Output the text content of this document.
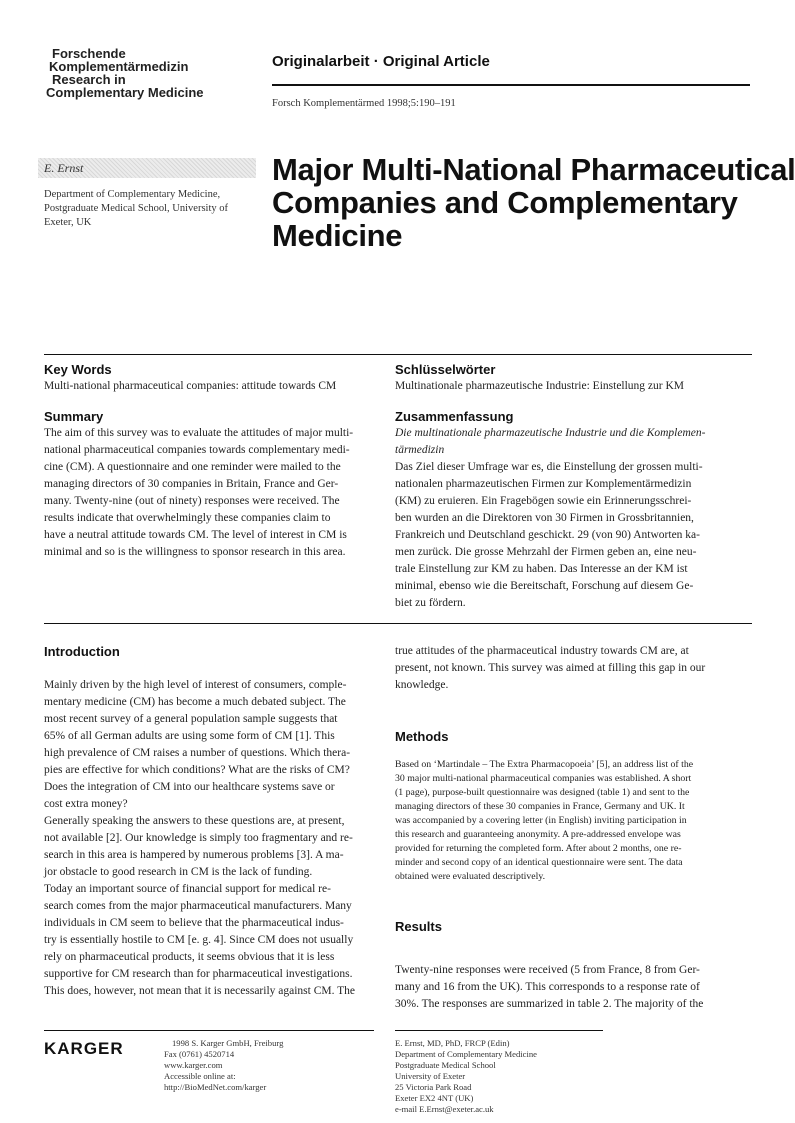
Forschende
Komplementärmedizin
Research in
Complementary Medicine
Originalarbeit · Original Article
Forsch Komplementärmed 1998;5:190–191
E. Ernst
Department of Complementary Medicine,
Postgraduate Medical School, University of
Exeter, UK
Major Multi-National Pharmaceutical
Companies and Complementary
Medicine
Key Words
Multi-national pharmaceutical companies: attitude towards CM
Summary

The aim of this survey was to evaluate the attitudes of major multi-

national pharmaceutical companies towards complementary medi-

cine (CM). A questionnaire and one reminder were mailed to the

managing directors of 30 companies in Britain, France and Ger-

many. Twenty-nine (out of ninety) responses were received. The

results indicate that overwhelmingly these companies claim to

have a neutral attitude towards CM. The level of interest in CM is

minimal and so is the willingness to sponsor research in this area.

Schlüsselwörter
Multinationale pharmazeutische Industrie: Einstellung zur KM
Zusammenfassung

Die multinationale pharmazeutische Industrie und die Komplemen-

tärmedizin

Das Ziel dieser Umfrage war es, die Einstellung der grossen multi-

nationalen pharmazeutischen Firmen zur Komplementärmedizin

(KM) zu eruieren. Ein Fragebögen sowie ein Erinnerungsschrei-

ben wurden an die Direktoren von 30 Firmen in Grossbritannien,

Frankreich und Deutschland geschickt. 29 (von 90) Antworten ka-

men zurück. Die grosse Mehrzahl der Firmen geben an, eine neu-

trale Einstellung zur KM zu haben. Das Interesse an der KM ist

minimal, ebenso wie die Bereitschaft, Forschung auf diesem Ge-

biet zu fördern.

Introduction

Mainly driven by the high level of interest of consumers, comple-

mentary medicine (CM) has become a much debated subject. The

most recent survey of a general population sample suggests that

65% of all German adults are using some form of CM [1]. This

high prevalence of CM raises a number of questions. Which thera-

pies are effective for which conditions? What are the risks of CM?

Does the integration of CM into our healthcare systems save or

cost extra money?

Generally speaking the answers to these questions are, at present,

not available [2]. Our knowledge is simply too fragmentary and re-

search in this area is hampered by numerous problems [3]. A ma-

jor obstacle to good research in CM is the lack of funding.

Today an important source of financial support for medical re-

search comes from the major pharmaceutical manufacturers. Many

individuals in CM seem to believe that the pharmaceutical indus-

try is essentially hostile to CM [e. g. 4]. Since CM does not usually

rely on pharmaceutical products, it seems obvious that it is less

supportive for CM research than for pharmaceutical investigations.

This does, however, not mean that it is necessarily against CM. The

true attitudes of the pharmaceutical industry towards CM are, at

present, not known. This survey was aimed at filling this gap in our

knowledge.

Methods
Based on ‘Martindale – The Extra Pharmacopoeia’ [5], an address list of the
30 major multi-national pharmaceutical companies was established. A short
(1 page), purpose-built questionnaire was designed (table 1) and sent to the
managing directors of these 30 companies in France, Germany and UK. It
was accompanied by a covering letter (in English) inviting participation in
this research and guaranteeing anonymity. A pre-addressed envelope was
provided for returning the completed form. After about 2 months, one re-
minder and second copy of an identical questionnaire were sent. The data
obtained were evaluated descriptively.
Results

Twenty-nine responses were received (5 from France, 8 from Ger-

many and 16 from the UK). This corresponds to a response rate of

30%. The responses are summarized in table 2. The majority of the

KARGER	1998 S. Karger GmbH, Freiburg
Fax (0761) 4520714
www.karger.com
Accessible online at:
http://BioMedNet.com/karger
E. Ernst, MD, PhD, FRCP (Edin)
Department of Complementary Medicine
Postgraduate Medical School
University of Exeter
25 Victoria Park Road
Exeter EX2 4NT (UK)
e-mail E.Ernst@exeter.ac.uk
